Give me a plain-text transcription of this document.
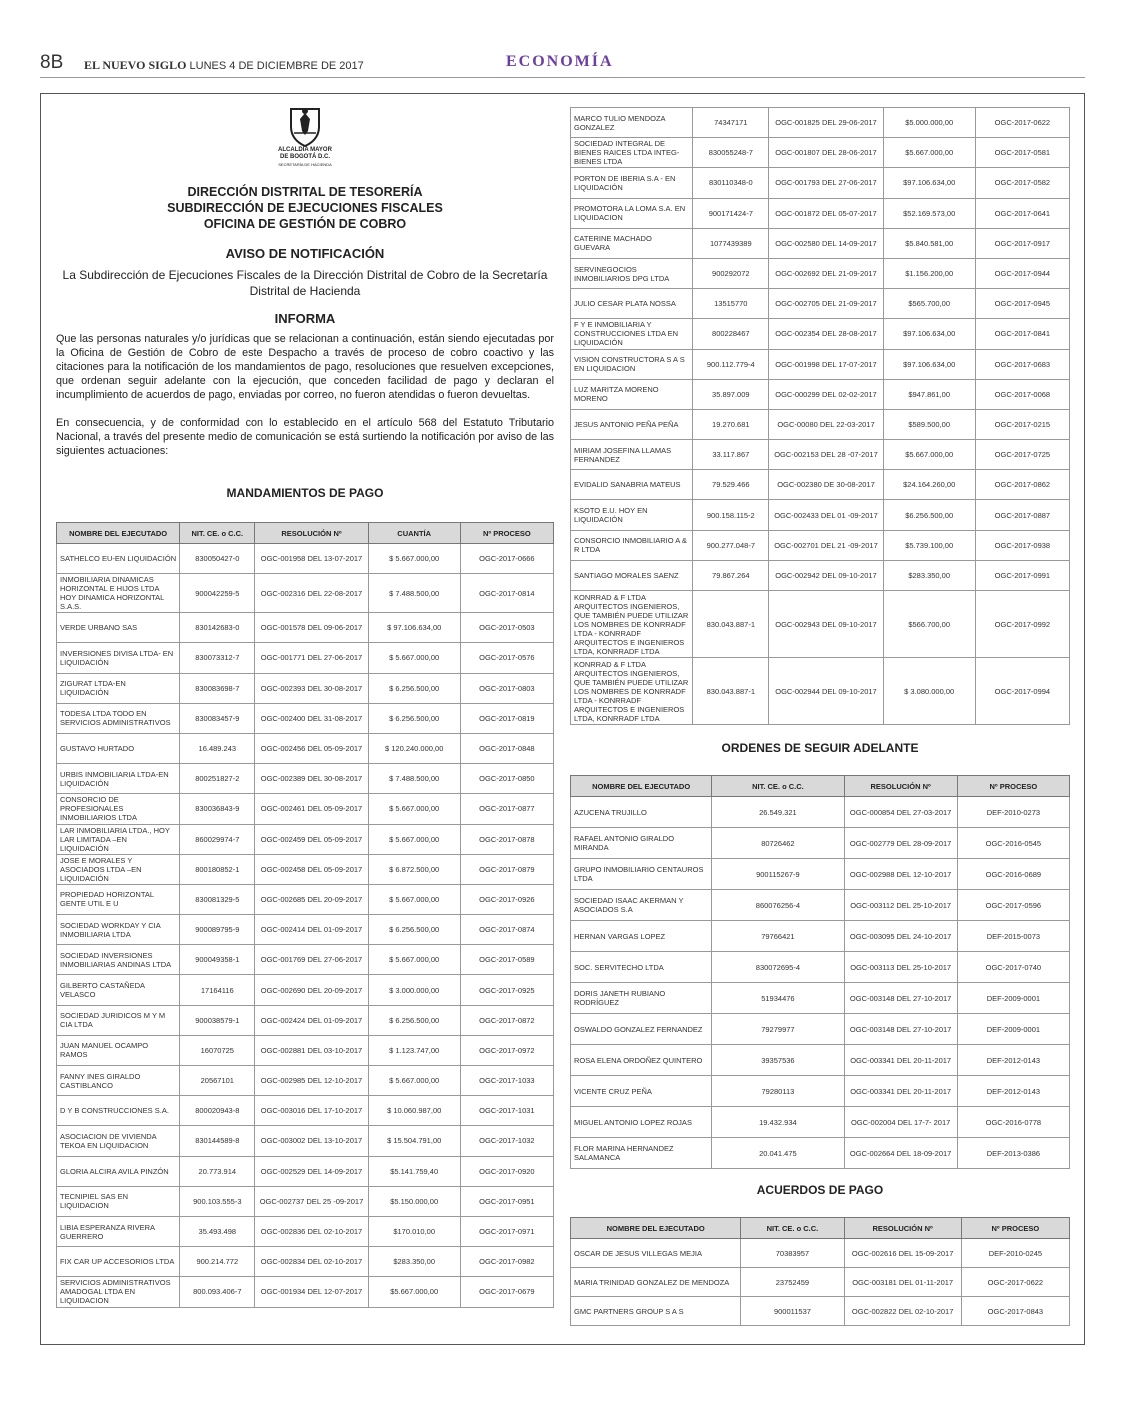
8B EL NUEVO SIGLO LUNES 4 DE DICIEMBRE DE 2017	ECONOMÍA
ALCALDÍA MAYOR
DE BOGOTÁ D.C.
SECRETARÍA DE HACIENDA
DIRECCIÓN DISTRITAL DE TESORERÍA
SUBDIRECCIÓN DE EJECUCIONES FISCALES
OFICINA DE GESTIÓN DE COBRO
AVISO DE NOTIFICACIÓN
La Subdirección de Ejecuciones Fiscales de la Dirección Distrital de Cobro de la Secretaría Distrital de Hacienda
INFORMA
Que las personas naturales y/o jurídicas que se relacionan a continuación, están siendo ejecutadas por la Oficina de Gestión de Cobro de este Despacho a través de proceso de cobro coactivo y las citaciones para la notificación de los mandamientos de pago, resoluciones que resuelven excepciones, que ordenan seguir adelante con la ejecución, que conceden facilidad de pago y declaran el incumplimiento de acuerdos de pago, enviadas por correo, no fueron atendidas o fueron devueltas.
En consecuencia, y de conformidad con lo establecido en el artículo 568 del Estatuto Tributario Nacional, a través del presente medio de comunicación se está surtiendo la notificación por aviso de las siguientes actuaciones:
MANDAMIENTOS DE PAGO
NOMBRE DEL EJECUTADO	NIT. CE. o C.C.	RESOLUCIÓN Nº	CUANTÍA	Nº PROCESO
SATHELCO EU-EN LIQUIDACIÓN	830050427-0	OGC-001958 DEL 13-07-2017	$ 5.667.000,00	OGC-2017-0666
INMOBILIARIA DINAMICAS HORIZONTAL E HIJOS LTDA HOY DINAMICA HORIZONTAL S.A.S.	900042259-5	OGC-002316 DEL 22-08-2017	$ 7.488.500,00	OGC-2017-0814
VERDE URBANO SAS	830142683-0	OGC-001578 DEL 09-06-2017	$ 97.106.634,00	OGC-2017-0503
INVERSIONES DIVISA LTDA- EN LIQUIDACIÓN	830073312-7	OGC-001771 DEL 27-06-2017	$ 5.667.000,00	OGC-2017-0576
ZIGURAT LTDA-EN LIQUIDACIÓN	830083698-7	OGC-002393 DEL 30-08-2017	$ 6.256.500,00	OGC-2017-0803
TODESA LTDA TODO EN SERVICIOS ADMINISTRATIVOS	830083457-9	OGC-002400 DEL 31-08-2017	$ 6.256.500,00	OGC-2017-0819
GUSTAVO HURTADO	16.489.243	OGC-002456 DEL 05-09-2017	$ 120.240.000,00	OGC-2017-0848
URBIS INMOBILIARIA LTDA-EN LIQUIDACIÓN	800251827-2	OGC-002389 DEL 30-08-2017	$ 7.488.500,00	OGC-2017-0850
CONSORCIO DE PROFESIONALES INMOBILIARIOS LTDA	830036843-9	OGC-002461 DEL 05-09-2017	$ 5.667.000,00	OGC-2017-0877
LAR INMOBILIARIA LTDA., HOY LAR LIMITADA –EN LIQUIDACIÓN	860029974-7	OGC-002459 DEL 05-09-2017	$ 5.667.000,00	OGC-2017-0878
JOSE E MORALES Y ASOCIADOS LTDA –EN LIQUIDACIÓN	800180852-1	OGC-002458 DEL 05-09-2017	$ 6.872.500,00	OGC-2017-0879
PROPIEDAD HORIZONTAL GENTE UTIL E U	830081329-5	OGC-002685 DEL 20-09-2017	$ 5.667.000,00	OGC-2017-0926
SOCIEDAD WORKDAY Y CIA INMOBILIARIA LTDA	900089795-9	OGC-002414 DEL 01-09-2017	$ 6.256.500,00	OGC-2017-0874
SOCIEDAD INVERSIONES INMOBILIARIAS ANDINAS LTDA	900049358-1	OGC-001769 DEL 27-06-2017	$ 5.667.000,00	OGC-2017-0589
GILBERTO CASTAÑEDA VELASCO	17164116	OGC-002690 DEL 20-09-2017	$ 3.000.000,00	OGC-2017-0925
SOCIEDAD JURIDICOS M Y M CIA LTDA	900038579-1	OGC-002424 DEL 01-09-2017	$ 6.256.500,00	OGC-2017-0872
JUAN MANUEL OCAMPO RAMOS	16070725	OGC-002881 DEL 03-10-2017	$ 1.123.747,00	OGC-2017-0972
FANNY INES GIRALDO CASTIBLANCO	20567101	OGC-002985 DEL 12-10-2017	$ 5.667.000,00	OGC-2017-1033
D Y B CONSTRUCCIONES S.A.	800020943-8	OGC-003016 DEL 17-10-2017	$ 10.060.987,00	OGC-2017-1031
ASOCIACION DE VIVIENDA TEKOA EN LIQUIDACION	830144589-8	OGC-003002 DEL 13-10-2017	$ 15.504.791,00	OGC-2017-1032
GLORIA ALCIRA AVILA PINZÓN	20.773.914	OGC-002529 DEL 14-09-2017	$5.141.759,40	OGC-2017-0920
TECNIPIEL SAS EN LIQUIDACION	900.103.555-3	OGC-002737 DEL 25 -09-2017	$5.150.000,00	OGC-2017-0951
LIBIA ESPERANZA RIVERA GUERRERO	35.493.498	OGC-002836 DEL 02-10-2017	$170.010,00	OGC-2017-0971
FIX CAR UP ACCESORIOS LTDA	900.214.772	OGC-002834 DEL 02-10-2017	$283.350,00	OGC-2017-0982
SERVICIOS ADMINISTRATIVOS AMADOGAL LTDA EN LIQUIDACION	800.093.406-7	OGC-001934 DEL 12-07-2017	$5.667.000,00	OGC-2017-0679
MARCO TULIO MENDOZA GONZALEZ	74347171	OGC-001825 DEL 29-06-2017	$5.000.000,00	OGC-2017-0622
SOCIEDAD INTEGRAL DE BIENES RAICES LTDA INTEG-BIENES LTDA	830055248-7	OGC-001807 DEL 28-06-2017	$5.667.000,00	OGC-2017-0581
PORTON DE IBERIA S.A - EN LIQUIDACIÓN	830110348-0	OGC-001793 DEL 27-06-2017	$97.106.634,00	OGC-2017-0582
PROMOTORA LA LOMA S.A. EN LIQUIDACION	900171424-7	OGC-001872 DEL 05-07-2017	$52.169.573,00	OGC-2017-0641
CATERINE MACHADO GUEVARA	1077439389	OGC-002580 DEL 14-09-2017	$5.840.581,00	OGC-2017-0917
SERVINEGOCIOS INMOBILIARIOS DPG LTDA	900292072	OGC-002692 DEL 21-09-2017	$1.156.200,00	OGC-2017-0944
JULIO CESAR PLATA NOSSA	13515770	OGC-002705 DEL 21-09-2017	$565.700,00	OGC-2017-0945
F Y E INMOBILIARIA Y CONSTRUCCIONES LTDA EN LIQUIDACIÓN	800228467	OGC-002354 DEL 28-08-2017	$97.106.634,00	OGC-2017-0841
VISION CONSTRUCTORA S A S EN LIQUIDACION	900.112.779-4	OGC-001998 DEL 17-07-2017	$97.106.634,00	OGC-2017-0683
LUZ MARITZA MORENO MORENO	35.897.009	OGC-000299 DEL 02-02-2017	$947.861,00	OGC-2017-0068
JESUS ANTONIO PEÑA PEÑA	19.270.681	OGC-00080 DEL 22-03-2017	$589.500,00	OGC-2017-0215
MIRIAM JOSEFINA LLAMAS FERNANDEZ	33.117.867	OGC-002153 DEL 28 -07-2017	$5.667.000,00	OGC-2017-0725
EVIDALID SANABRIA MATEUS	79.529.466	OGC-002380 DE 30-08-2017	$24.164.260,00	OGC-2017-0862
KSOTO E.U. HOY EN LIQUIDACIÓN	900.158.115-2	OGC-002433 DEL 01 -09-2017	$6.256.500,00	OGC-2017-0887
CONSORCIO INMOBILIARIO A & R LTDA	900.277.048-7	OGC-002701 DEL 21 -09-2017	$5.739.100,00	OGC-2017-0938
SANTIAGO MORALES SAENZ	79.867.264	OGC-002942 DEL 09-10-2017	$283.350,00	OGC-2017-0991
KONRRAD & F LTDA ARQUITECTOS INGENIEROS, QUE TAMBIÉN PUEDE UTILIZAR LOS NOMBRES DE KONRRADF LTDA - KONRRADF ARQUITECTOS E INGENIEROS LTDA, KONRRADF LTDA	830.043.887-1	OGC-002943 DEL 09-10-2017	$566.700,00	OGC-2017-0992
KONRRAD & F LTDA ARQUITECTOS INGENIEROS, QUE TAMBIÉN PUEDE UTILIZAR LOS NOMBRES DE KONRRADF LTDA - KONRRADF ARQUITECTOS E INGENIEROS LTDA, KONRRADF LTDA	830.043.887-1	OGC-002944 DEL 09-10-2017	$ 3.080.000,00	OGC-2017-0994
ORDENES DE SEGUIR ADELANTE
NOMBRE DEL EJECUTADO	NIT. CE. o C.C.	RESOLUCIÓN Nº	Nº PROCESO
AZUCENA TRUJILLO	26.549.321	OGC-000854 DEL 27-03-2017	DEF-2010-0273
RAFAEL ANTONIO GIRALDO MIRANDA	80726462	OGC-002779 DEL 28-09-2017	OGC-2016-0545
GRUPO INMOBILIARIO CENTAUROS LTDA	900115267-9	OGC-002988 DEL 12-10-2017	OGC-2016-0689
SOCIEDAD ISAAC AKERMAN Y ASOCIADOS S.A	860076256-4	OGC-003112 DEL 25-10-2017	OGC-2017-0596
HERNAN VARGAS LOPEZ	79766421	OGC-003095 DEL 24-10-2017	DEF-2015-0073
SOC. SERVITECHO LTDA	830072695-4	OGC-003113 DEL 25-10-2017	OGC-2017-0740
DORIS JANETH RUBIANO RODRÍGUEZ	51934476	OGC-003148 DEL 27-10-2017	DEF-2009-0001
OSWALDO GONZALEZ FERNANDEZ	79279977	OGC-003148 DEL 27-10-2017	DEF-2009-0001
ROSA ELENA ORDOÑEZ QUINTERO	39357536	OGC-003341 DEL 20-11-2017	DEF-2012-0143
VICENTE CRUZ PEÑA	79280113	OGC-003341 DEL 20-11-2017	DEF-2012-0143
MIGUEL ANTONIO LOPEZ ROJAS	19.432.934	OGC-002004 DEL 17-7- 2017	OGC-2016-0778
FLOR MARINA HERNANDEZ SALAMANCA	20.041.475	OGC-002664 DEL 18-09-2017	DEF-2013-0386
ACUERDOS DE PAGO
NOMBRE DEL EJECUTADO	NIT. CE. o C.C.	RESOLUCIÓN Nº	Nº PROCESO
OSCAR DE JESUS VILLEGAS MEJIA	70383957	OGC-002616 DEL 15-09-2017	DEF-2010-0245
MARIA TRINIDAD GONZALEZ DE MENDOZA	23752459	OGC-003181 DEL 01-11-2017	OGC-2017-0622
GMC PARTNERS GROUP S A S	900011537	OGC-002822 DEL 02-10-2017	OGC-2017-0843
